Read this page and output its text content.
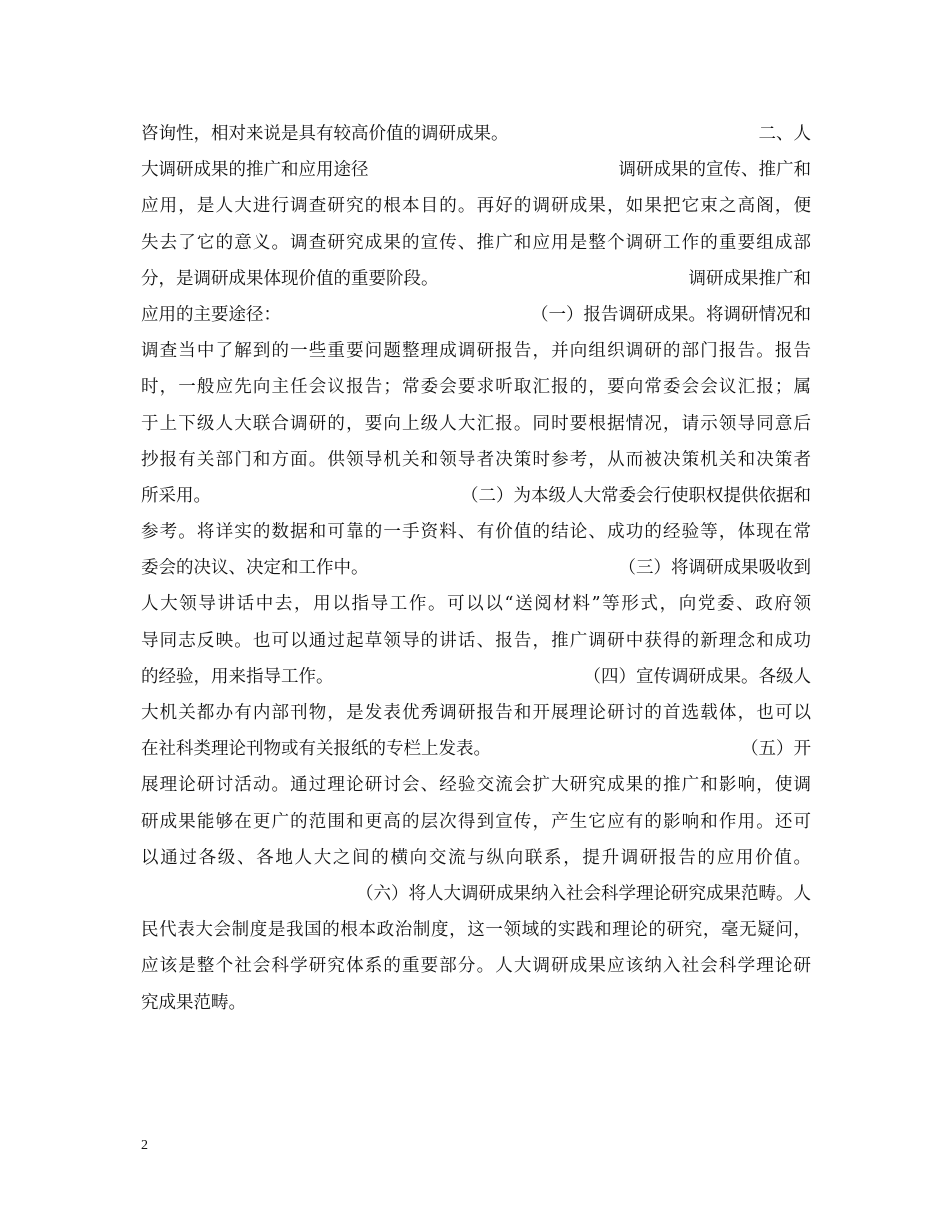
咨询性，相对来说是具有较高价值的调研成果。	二、人
大调研成果的推广和应用途径	调研成果的宣传、推广和
应用，是人大进行调查研究的根本目的。再好的调研成果，如果把它束之高阁，便
失去了它的意义。调查研究成果的宣传、推广和应用是整个调研工作的重要组成部
分，是调研成果体现价值的重要阶段。	调研成果推广和
应用的主要途径：	（一）报告调研成果。将调研情况和
调查当中了解到的一些重要问题整理成调研报告，并向组织调研的部门报告。报告
时，一般应先向主任会议报告；常委会要求听取汇报的，要向常委会会议汇报；属
于上下级人大联合调研的，要向上级人大汇报。同时要根据情况，请示领导同意后
抄报有关部门和方面。供领导机关和领导者决策时参考，从而被决策机关和决策者
所采用。	（二）为本级人大常委会行使职权提供依据和
参考。将详实的数据和可靠的一手资料、有价值的结论、成功的经验等，体现在常
委会的决议、决定和工作中。	（三）将调研成果吸收到
人大领导讲话中去，用以指导工作。可以以“送阅材料”等形式，向党委、政府领
导同志反映。也可以通过起草领导的讲话、报告，推广调研中获得的新理念和成功
的经验，用来指导工作。	（四）宣传调研成果。各级人
大机关都办有内部刊物，是发表优秀调研报告和开展理论研讨的首选载体，也可以
在社科类理论刊物或有关报纸的专栏上发表。	（五）开
展理论研讨活动。通过理论研讨会、经验交流会扩大研究成果的推广和影响，使调
研成果能够在更广的范围和更高的层次得到宣传，产生它应有的影响和作用。还可
以通过各级、各地人大之间的横向交流与纵向联系，提升调研报告的应用价值。
（六）将人大调研成果纳入社会科学理论研究成果范畴。人
民代表大会制度是我国的根本政治制度，这一领域的实践和理论的研究，毫无疑问，
应该是整个社会科学研究体系的重要部分。人大调研成果应该纳入社会科学理论研
究成果范畴。
2
